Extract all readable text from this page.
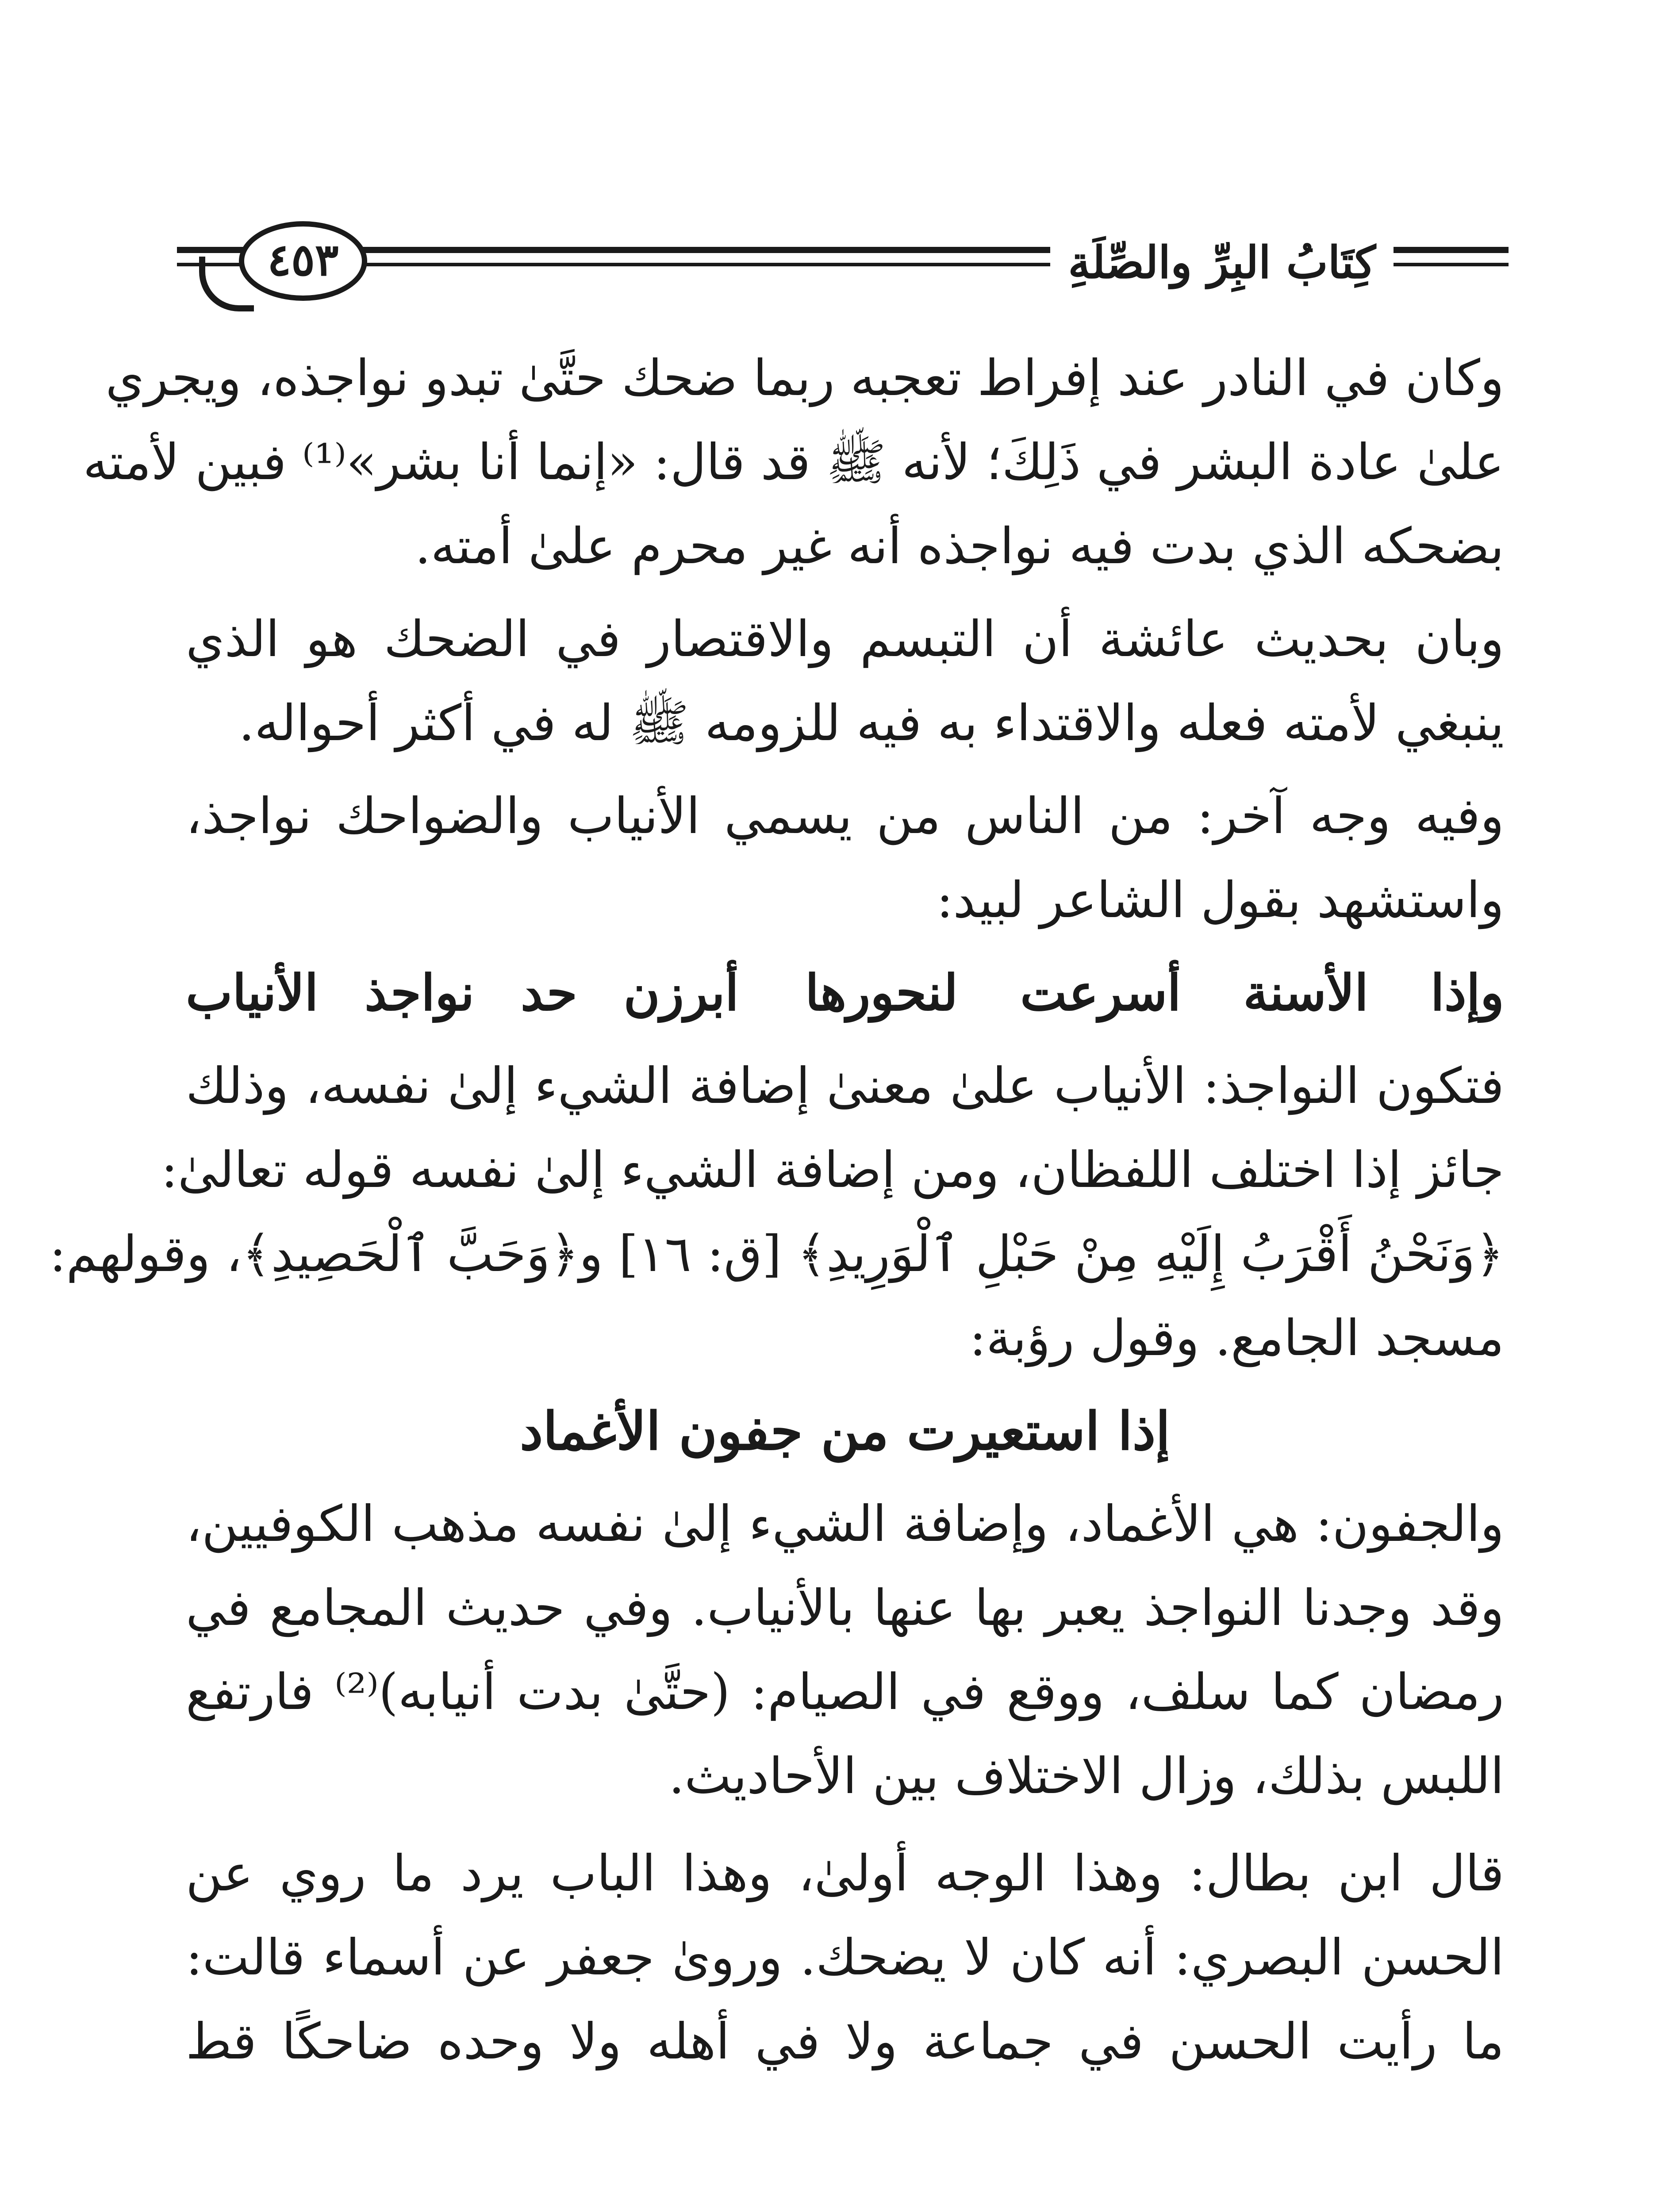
كِتَابُ البِرِّ والصِّلَةِ
٤٥٣
وكان في النادر عند إفراط تعجبه ربما ضحك حتَّىٰ تبدو نواجذه، ويجري
علىٰ عادة البشر في ذَلِكَ؛ لأنه ﷺ قد قال: «إنما أنا بشر»⁽¹⁾ فبين لأمته
بضحكه الذي بدت فيه نواجذه أنه غير محرم علىٰ أمته.
وبان بحديث عائشة أن التبسم والاقتصار في الضحك هو الذي
ينبغي لأمته فعله والاقتداء به فيه للزومه ﷺ له في أكثر أحواله.
وفيه وجه آخر: من الناس من يسمي الأنياب والضواحك نواجذ،
واستشهد بقول الشاعر لبيد:
وإذا الأسنة أسرعت لنحورها
أبرزن حد نواجذ الأنياب
فتكون النواجذ: الأنياب علىٰ معنىٰ إضافة الشيء إلىٰ نفسه، وذلك
جائز إذا اختلف اللفظان، ومن إضافة الشيء إلىٰ نفسه قوله تعالىٰ:
﴿وَنَحْنُ أَقْرَبُ إِلَيْهِ مِنْ حَبْلِ ٱلْوَرِيدِ﴾ [ق: ١٦] و﴿وَحَبَّ ٱلْحَصِيدِ﴾، وقولهم:
مسجد الجامع. وقول رؤبة:
إذا استعيرت من جفون الأغماد
والجفون: هي الأغماد، وإضافة الشيء إلىٰ نفسه مذهب الكوفيين،
وقد وجدنا النواجذ يعبر بها عنها بالأنياب. وفي حديث المجامع في
رمضان كما سلف، ووقع في الصيام: (حتَّىٰ بدت أنيابه)⁽²⁾ فارتفع
اللبس بذلك، وزال الاختلاف بين الأحاديث.
قال ابن بطال: وهذا الوجه أولىٰ، وهذا الباب يرد ما روي عن
الحسن البصري: أنه كان لا يضحك. وروىٰ جعفر عن أسماء قالت:
ما رأيت الحسن في جماعة ولا في أهله ولا وحده ضاحكًا قط
